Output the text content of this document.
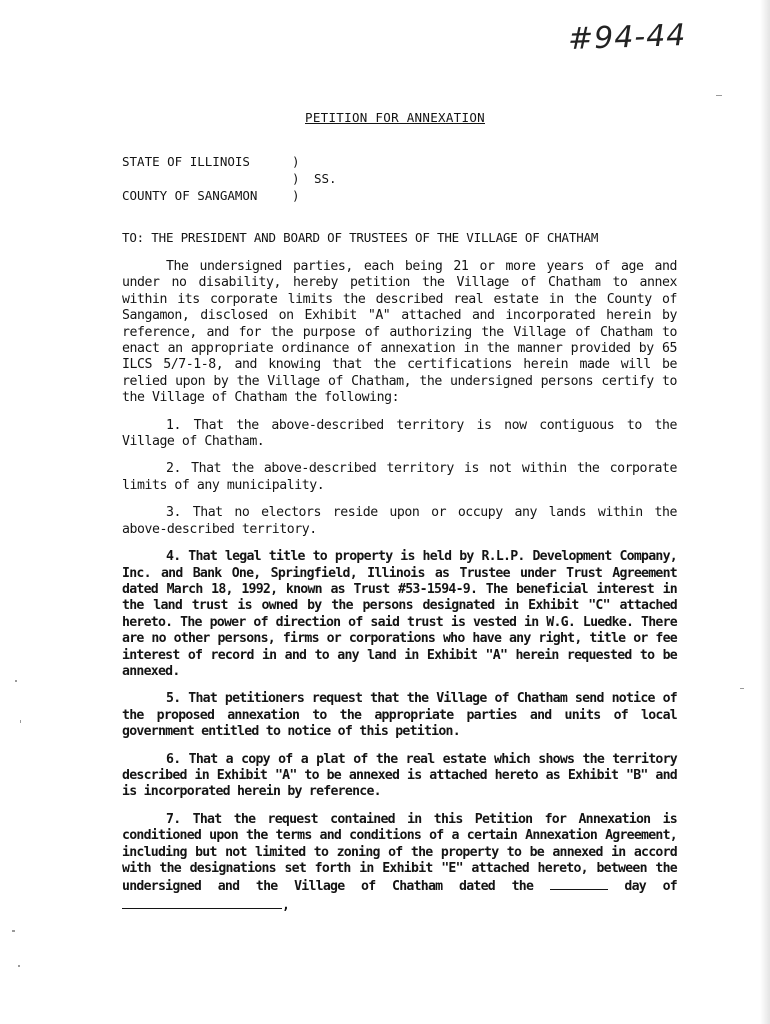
#94-44
PETITION FOR ANNEXATION
STATE OF ILLINOIS	)
)	SS.
COUNTY OF SANGAMON	)
TO: THE PRESIDENT AND BOARD OF TRUSTEES OF THE VILLAGE OF CHATHAM

The undersigned parties, each being 21 or more years of age and under no disability, hereby petition the Village of Chatham to annex within its corporate limits the described real estate in the County of Sangamon, disclosed on Exhibit "A" attached and incorporated herein by reference, and for the purpose of authorizing the Village of Chatham to enact an appropriate ordinance of annexation in the manner provided by 65 ILCS 5/7-1-8, and knowing that the certifications herein made will be relied upon by the Village of Chatham, the undersigned persons certify to the Village of Chatham the following:

1. That the above-described territory is now contiguous to the Village of Chatham.

2. That the above-described territory is not within the corporate limits of any municipality.

3. That no electors reside upon or occupy any lands within the above-described territory.

4. That legal title to property is held by R.L.P. Development Company, Inc. and Bank One, Springfield, Illinois as Trustee under Trust Agreement dated March 18, 1992, known as Trust #53-1594-9. The beneficial interest in the land trust is owned by the persons designated in Exhibit "C" attached hereto. The power of direction of said trust is vested in W.G. Luedke. There are no other persons, firms or corporations who have any right, title or fee interest of record in and to any land in Exhibit "A" herein requested to be annexed.

5. That petitioners request that the Village of Chatham send notice of the proposed annexation to the appropriate parties and units of local government entitled to notice of this petition.

6. That a copy of a plat of the real estate which shows the territory described in Exhibit "A" to be annexed is attached hereto as Exhibit "B" and is incorporated herein by reference.

7. That the request contained in this Petition for Annexation is conditioned upon the terms and conditions of a certain Annexation Agreement, including but not limited to zoning of the property to be annexed in accord with the designations set forth in Exhibit "E" attached hereto, between the undersigned and the Village of Chatham dated the	day of ,
